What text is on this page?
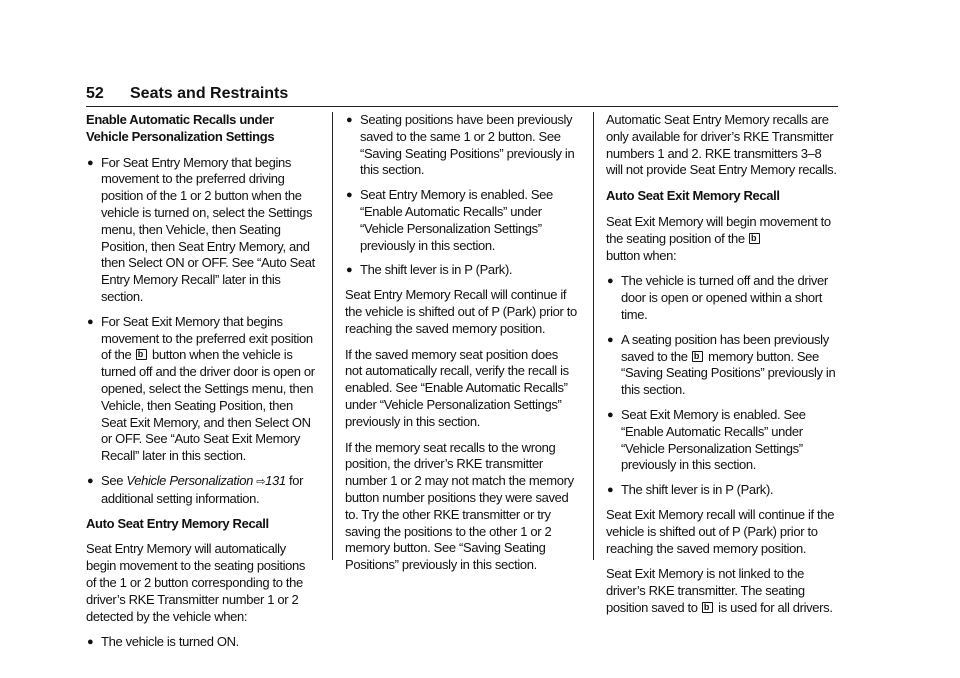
52 Seats and Restraints
Enable Automatic Recalls under Vehicle Personalization Settings
● For Seat Entry Memory that begins movement to the preferred driving position of the 1 or 2 button when the vehicle is turned on, select the Settings menu, then Vehicle, then Seating Position, then Seat Entry Memory, and then Select ON or OFF. See “Auto Seat Entry Memory Recall” later in this section.
● For Seat Exit Memory that begins movement to the preferred exit position of the b button when the vehicle is turned off and the driver door is open or opened, select the Settings menu, then Vehicle, then Seating Position, then Seat Exit Memory, and then Select ON or OFF. See “Auto Seat Exit Memory Recall” later in this section.
● See Vehicle Personalization ⇨131 for additional setting information.
Auto Seat Entry Memory Recall

Seat Entry Memory will automatically begin movement to the seating positions of the 1 or 2 button corresponding to the driver’s RKE Transmitter number 1 or 2 detected by the vehicle when:

● The vehicle is turned ON.
● Seating positions have been previously saved to the same 1 or 2 button. See “Saving Seating Positions” previously in this section.
● Seat Entry Memory is enabled. See “Enable Automatic Recalls” under “Vehicle Personalization Settings” previously in this section.
● The shift lever is in P (Park).

Seat Entry Memory Recall will continue if the vehicle is shifted out of P (Park) prior to reaching the saved memory position.

If the saved memory seat position does not automatically recall, verify the recall is enabled. See “Enable Automatic Recalls” under “Vehicle Personalization Settings” previously in this section.

If the memory seat recalls to the wrong position, the driver’s RKE transmitter number 1 or 2 may not match the memory button number positions they were saved to. Try the other RKE transmitter or try saving the positions to the other 1 or 2 memory button. See “Saving Seating Positions” previously in this section.

Automatic Seat Entry Memory recalls are only available for driver’s RKE Transmitter numbers 1 and 2. RKE transmitters 3–8 will not provide Seat Entry Memory recalls.

Auto Seat Exit Memory Recall

Seat Exit Memory will begin movement to the seating position of the b
button when:

● The vehicle is turned off and the driver door is open or opened within a short time.
● A seating position has been previously saved to the b memory button. See “Saving Seating Positions” previously in this section.
● Seat Exit Memory is enabled. See “Enable Automatic Recalls” under “Vehicle Personalization Settings” previously in this section.
● The shift lever is in P (Park).

Seat Exit Memory recall will continue if the vehicle is shifted out of P (Park) prior to reaching the saved memory position.

Seat Exit Memory is not linked to the driver’s RKE transmitter. The seating position saved to b is used for all drivers.
